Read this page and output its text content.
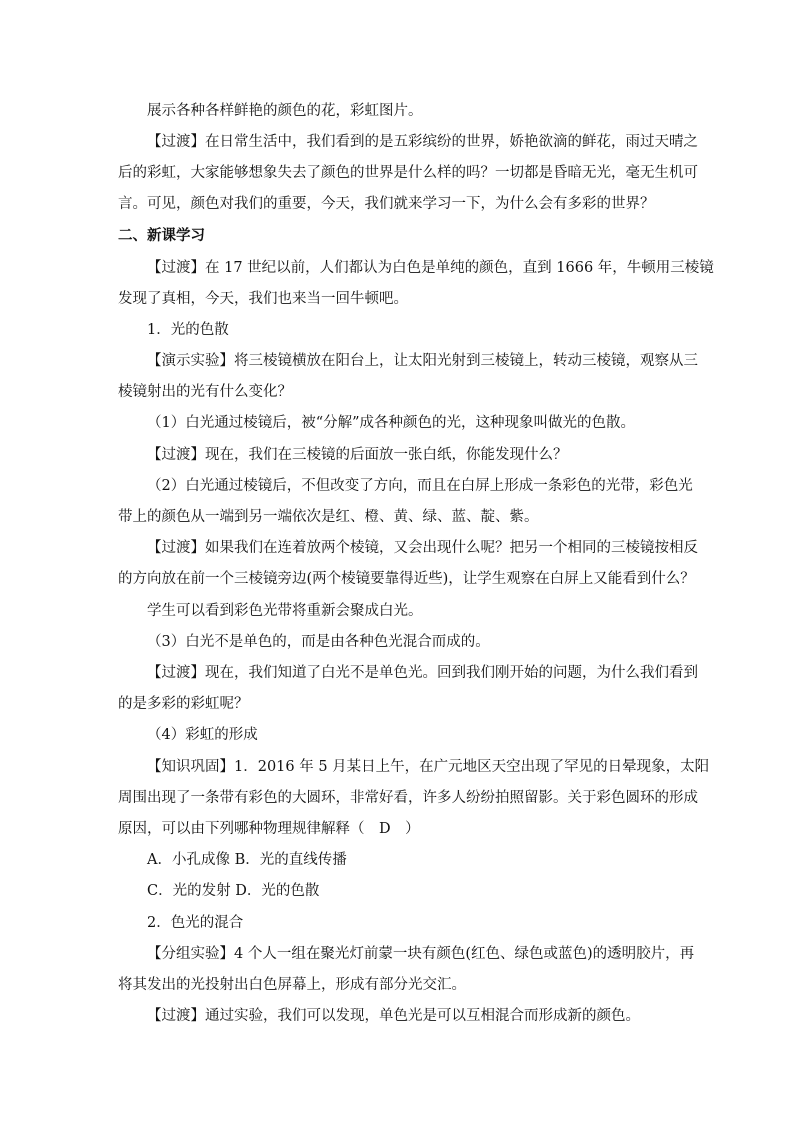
展示各种各样鲜艳的颜色的花，彩虹图片。
【过渡】在日常生活中，我们看到的是五彩缤纷的世界，娇艳欲滴的鲜花，雨过天晴之
后的彩虹，大家能够想象失去了颜色的世界是什么样的吗？一切都是昏暗无光，毫无生机可
言。可见，颜色对我们的重要，今天，我们就来学习一下，为什么会有多彩的世界？
二、新课学习
【过渡】在 17 世纪以前，人们都认为白色是单纯的颜色，直到 1666 年，牛顿用三棱镜
发现了真相，今天，我们也来当一回牛顿吧。
1．光的色散
【演示实验】将三棱镜横放在阳台上，让太阳光射到三棱镜上，转动三棱镜，观察从三
棱镜射出的光有什么变化？
（1）白光通过棱镜后，被“分解”成各种颜色的光，这种现象叫做光的色散。
【过渡】现在，我们在三棱镜的后面放一张白纸，你能发现什么？
（2）白光通过棱镜后，不但改变了方向，而且在白屏上形成一条彩色的光带，彩色光
带上的颜色从一端到另一端依次是红、橙、黄、绿、蓝、靛、紫。
【过渡】如果我们在连着放两个棱镜，又会出现什么呢？把另一个相同的三棱镜按相反
的方向放在前一个三棱镜旁边(两个棱镜要靠得近些)，让学生观察在白屏上又能看到什么？
学生可以看到彩色光带将重新会聚成白光。
（3）白光不是单色的，而是由各种色光混合而成的。
【过渡】现在，我们知道了白光不是单色光。回到我们刚开始的问题，为什么我们看到
的是多彩的彩虹呢？
（4）彩虹的形成
【知识巩固】1．2016 年 5 月某日上午，在广元地区天空出现了罕见的日晕现象，太阳
周围出现了一条带有彩色的大圆环，非常好看，许多人纷纷拍照留影。关于彩色圆环的形成
原因，可以由下列哪种物理规律解释（　D　）
A．小孔成像 B．光的直线传播
C．光的发射 D．光的色散
2．色光的混合
【分组实验】4 个人一组在聚光灯前蒙一块有颜色(红色、绿色或蓝色)的透明胶片，再
将其发出的光投射出白色屏幕上，形成有部分光交汇。
【过渡】通过实验，我们可以发现，单色光是可以互相混合而形成新的颜色。
